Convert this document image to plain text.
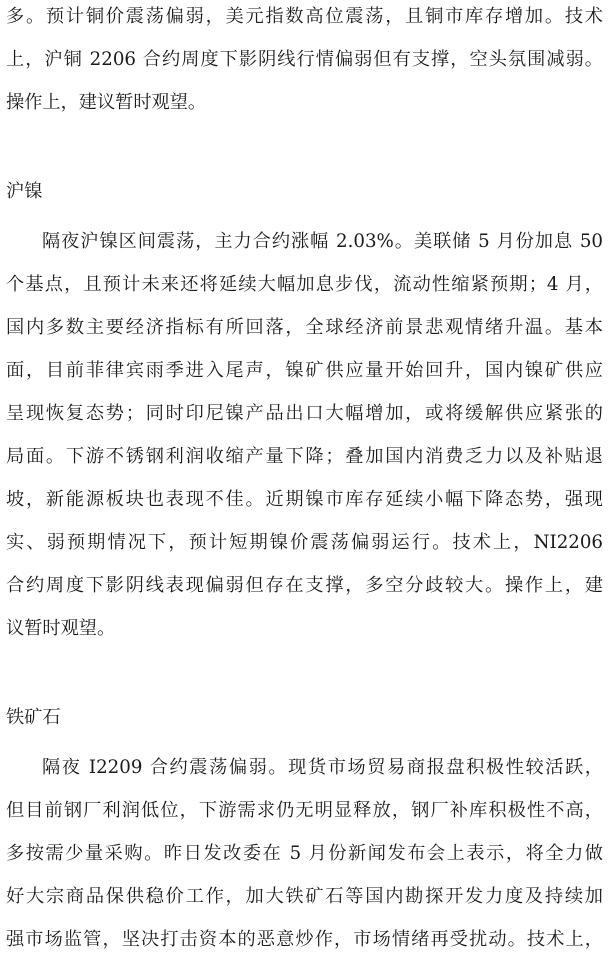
多。预计铜价震荡偏弱，美元指数高位震荡，且铜市库存增加。技术
上，沪铜 2206 合约周度下影阴线行情偏弱但有支撑，空头氛围减弱。
操作上，建议暂时观望。
沪镍
隔夜沪镍区间震荡，主力合约涨幅 2.03%。美联储 5 月份加息 50
个基点，且预计未来还将延续大幅加息步伐，流动性缩紧预期；4 月，
国内多数主要经济指标有所回落，全球经济前景悲观情绪升温。基本
面，目前菲律宾雨季进入尾声，镍矿供应量开始回升，国内镍矿供应
呈现恢复态势；同时印尼镍产品出口大幅增加，或将缓解供应紧张的
局面。下游不锈钢利润收缩产量下降；叠加国内消费乏力以及补贴退
坡，新能源板块也表现不佳。近期镍市库存延续小幅下降态势，强现
实、弱预期情况下，预计短期镍价震荡偏弱运行。技术上，NI2206
合约周度下影阴线表现偏弱但存在支撑，多空分歧较大。操作上，建
议暂时观望。
铁矿石
隔夜 I2209 合约震荡偏弱。现货市场贸易商报盘积极性较活跃，
但目前钢厂利润低位，下游需求仍无明显释放，钢厂补库积极性不高，
多按需少量采购。昨日发改委在 5 月份新闻发布会上表示，将全力做
好大宗商品保供稳价工作，加大铁矿石等国内勘探开发力度及持续加
强市场监管，坚决打击资本的恶意炒作，市场情绪再受扰动。技术上，
